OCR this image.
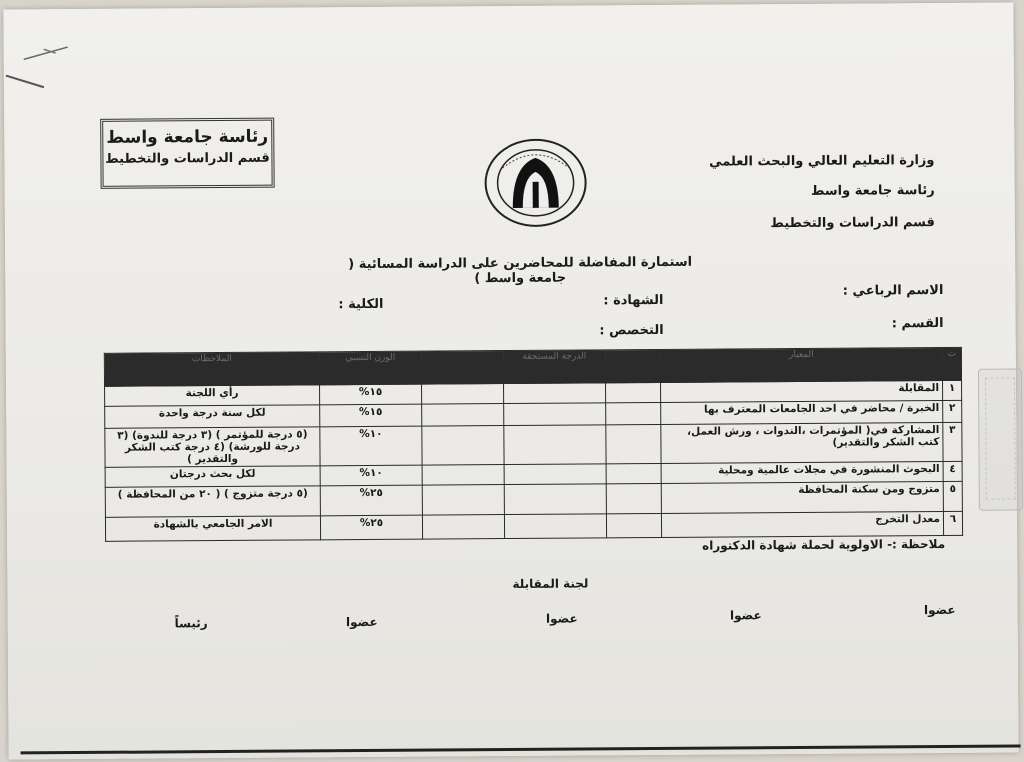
وزارة التعليم العالي والبحث العلمي
رئاسة جامعة واسط
قسم الدراسات والتخطيط
رئاسة جامعة واسط
قسم الدراسات والتخطيط
استمارة المفاضلة للمحاضرين على الدراسة المسائية ( جامعة واسط )
الاسم الرباعي :
الشهادة :
الكلية :
القسم :
التخصص :
ت	المعيار		الدرجة المستحقة		الوزن النسبي	الملاحظات
١	المقابلة				١٥%	رأي اللجنة
٢	الخبرة / محاضر في احد الجامعات المعترف بها				١٥%	لكل سنة درجة واحدة
٣	المشاركة في( المؤتمرات ،الندوات ، ورش العمل، كتب الشكر والتقدير)				١٠%	(٥ درجة للمؤتمر ) (٣ درجة للندوة) (٣ درجة للورشة) (٤ درجة كتب الشكر والتقدير )
٤	البحوث المنشورة في مجلات عالمية ومحلية				١٠%	لكل بحث درجتان
٥	متزوج ومن سكنة المحافظة				٢٥%	(٥ درجة متزوج ) ( ٢٠ من المحافظة )
٦	معدل التخرج				٢٥%	الامر الجامعي بالشهادة
ملاحظة :- الاولوية لحملة شهادة الدكتوراه
لجنة المقابلة
عضوا
عضوا
عضوا
عضوا
رئيساً
